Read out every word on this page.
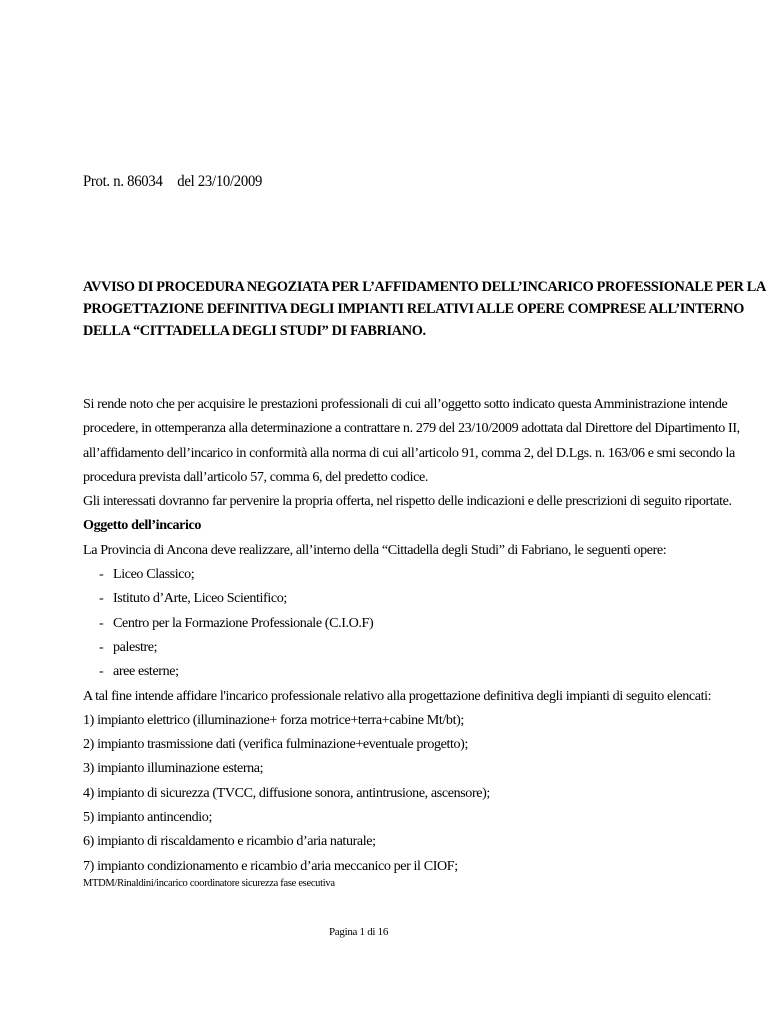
Prot. n. 86034 del 23/10/2009
AVVISO DI PROCEDURA NEGOZIATA PER L’AFFIDAMENTO DELL’INCARICO PROFESSIONALE PER LA
PROGETTAZIONE DEFINITIVA DEGLI IMPIANTI RELATIVI ALLE OPERE COMPRESE ALL’INTERNO
DELLA “CITTADELLA DEGLI STUDI” DI FABRIANO.
Si rende noto che per acquisire le prestazioni professionali di cui all’oggetto sotto indicato questa Amministrazione intende
procedere, in ottemperanza alla determinazione a contrattare n. 279 del 23/10/2009 adottata dal Direttore del Dipartimento II,
all’affidamento dell’incarico in conformità alla norma di cui all’articolo 91, comma 2, del D.Lgs. n. 163/06 e smi secondo la
procedura prevista dall’articolo 57, comma 6, del predetto codice.
Gli interessati dovranno far pervenire la propria offerta, nel rispetto delle indicazioni e delle prescrizioni di seguito riportate.
Oggetto dell’incarico
La Provincia di Ancona deve realizzare, all’interno della “Cittadella degli Studi” di Fabriano, le seguenti opere:
- Liceo Classico;
- Istituto d’Arte, Liceo Scientifico;
- Centro per la Formazione Professionale (C.I.O.F)
- palestre;
- aree esterne;
A tal fine intende affidare l'incarico professionale relativo alla progettazione definitiva degli impianti di seguito elencati:
1) impianto elettrico (illuminazione+ forza motrice+terra+cabine Mt/bt);
2) impianto trasmissione dati (verifica fulminazione+eventuale progetto);
3) impianto illuminazione esterna;
4) impianto di sicurezza (TVCC, diffusione sonora, antintrusione, ascensore);
5) impianto antincendio;
6) impianto di riscaldamento e ricambio d’aria naturale;
7) impianto condizionamento e ricambio d’aria meccanico per il CIOF;
MTDM/Rinaldini/incarico coordinatore sicurezza fase esecutiva
Pagina 1 di 16
